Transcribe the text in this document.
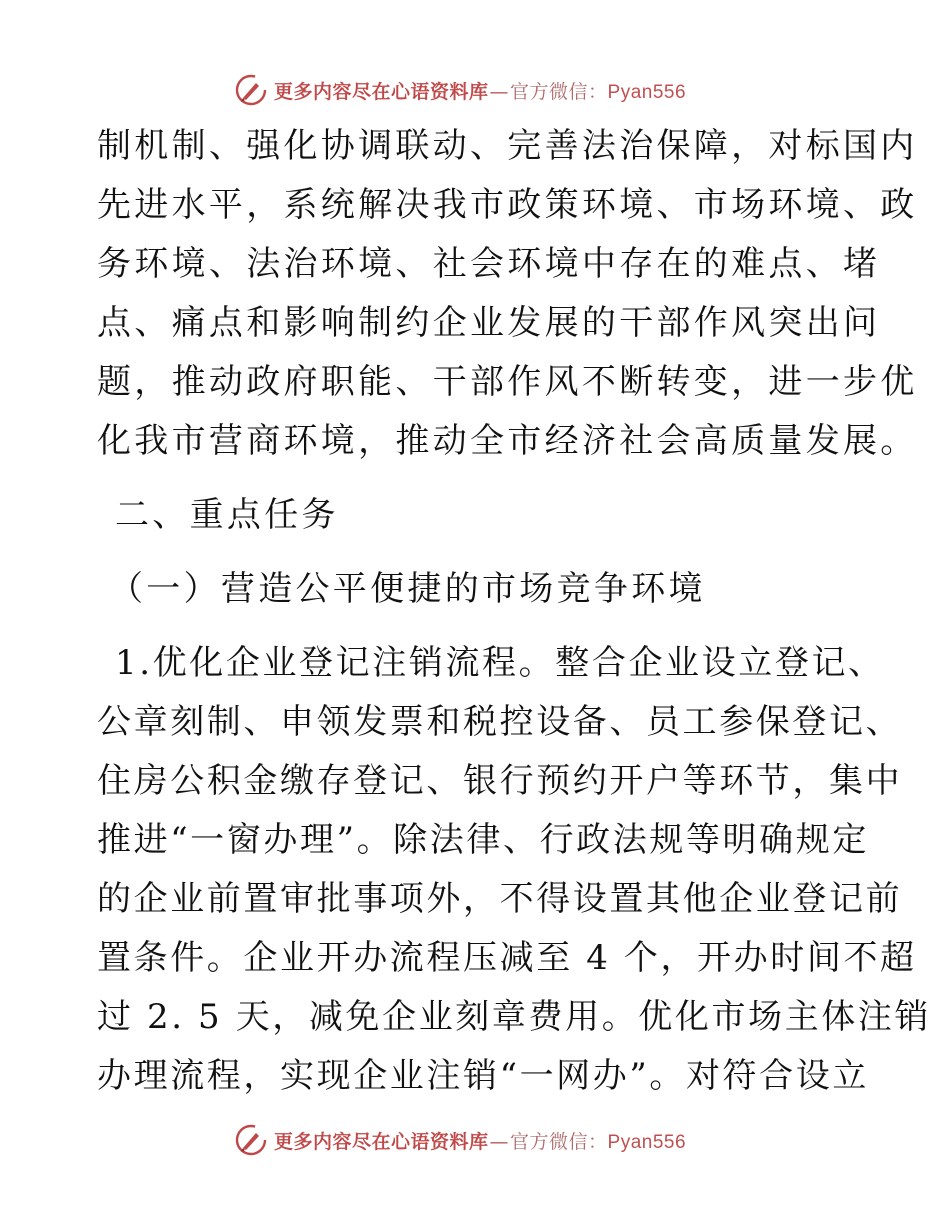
更多内容尽在心语资料库—官方微信：Pyan556
制机制、强化协调联动、完善法治保障，对标国内
先进水平，系统解决我市政策环境、市场环境、政
务环境、法治环境、社会环境中存在的难点、堵
点、痛点和影响制约企业发展的干部作风突出问
题，推动政府职能、干部作风不断转变，进一步优
化我市营商环境，推动全市经济社会高质量发展。
二、重点任务
（一）营造公平便捷的市场竞争环境
1.优化企业登记注销流程。整合企业设立登记、
公章刻制、申领发票和税控设备、员工参保登记、
住房公积金缴存登记、银行预约开户等环节，集中
推进“一窗办理”。除法律、行政法规等明确规定
的企业前置审批事项外，不得设置其他企业登记前
置条件。企业开办流程压减至 4 个，开办时间不超
过 2. 5 天，减免企业刻章费用。优化市场主体注销
办理流程，实现企业注销“一网办”。对符合设立
更多内容尽在心语资料库—官方微信：Pyan556
